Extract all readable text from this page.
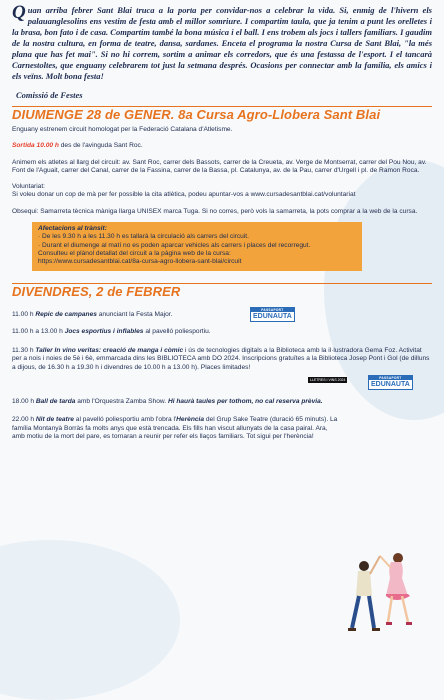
Quan arriba febrer Sant Blai truca a la porta per convidar-nos a celebrar la vida. Si, enmig de l'hivern els palauanglesolins ens vestim de festa amb el millor somriure. I compartim taula, que ja tenim a punt les orelletes i la brasa, bon fato i de casa. Compartim també la bona música i el ball. I ens trobem als jocs i tallers familiars. I gaudim de la nostra cultura, en forma de teatre, dansa, sardanes. Enceta el programa la nostra Cursa de Sant Blai, "la més plana que has fet mai". Si no hi correm, sortim a animar els corredors, que és una festassa de l'esport. I el tancarà Carnestoltes, que enguany celebrarem tot just la setmana després. Ocasions per connectar amb la família, els amics i els veïns. Molt bona festa!

Comissió de Festes
DIUMENGE 28 de GENER. 8a Cursa Agro-Llobera Sant Blai

Enguany estrenem circuit homologat per la Federació Catalana d'Atletisme.

Sortida 10.00 h des de l'avinguda Sant Roc.

Animem els atletes al llarg del circuit: av. Sant Roc, carrer dels Bassots, carrer de la Creueta, av. Verge de Montserrat, carrer del Pou Nou, av. Font de l'Aguait, carrer del Canal, carrer de la Fassina, carrer de la Bassa, pl. Catalunya, av. de la Pau, carrer d'Urgell i pl. de Ramon Roca.

Voluntariat:

Si voleu donar un cop de mà per fer possible la cita atlètica, podeu apuntar-vos a www.cursadesantblai.cat/voluntariat

Obsequi: Samarreta tècnica màniga llarga UNISEX marca Tuga. Si no corres, però vols la samarreta, la pots comprar a la web de la cursa.

Afectacions al trànsit:
· De les 9.30 h a les 11.30 h es tallarà la circulació als carrers del circuit.
· Durant el diumenge al matí no es poden aparcar vehicles als carrers i places del recorregut.
Consulteu el plànol detallat del circuit a la pàgina web de la cursa:
https://www.cursadesantblai.cat/8a-cursa-agro-llobera-sant-blai/circuit
DIVENDRES, 2 de FEBRER

11.00 h Repic de campanes anunciant la Festa Major.

PASSAPORT
EDUNAUTA

11.00 h a 13.00 h Jocs esportius i inflables al pavelló poliesportiu.

11.30 h Taller In vino veritas: creació de manga i còmic i ús de tecnologies digitals a la Biblioteca amb la il·lustradora Gema Foz. Activitat per a nois i noies de 5è i 6è, emmarcada dins les BIBLIOTECA amb DO 2024. Inscripcions gratuïtes a la Biblioteca Josep Pont i Gol (de dilluns a dijous, de 16.30 h a 19.30 h i divendres de 10.00 h a 13.00 h). Places limitades!

LLETRES I VINS 2024	PASSAPORT
EDUNAUTA

18.00 h Ball de tarda amb l'Orquestra Zamba Show. Hi haurà taules per tothom, no cal reserva prèvia.

22.00 h Nit de teatre al pavelló poliesportiu amb l'obra l'Herència del Grup Sake Teatre (duració 65 minuts). La família Montanyà Borràs fa molts anys que està trencada. Els fills han viscut allunyats de la casa pairal. Ara, amb motiu de la mort del pare, es tornaran a reunir per refer els llaços familiars. Tot sigui per l'herència!
